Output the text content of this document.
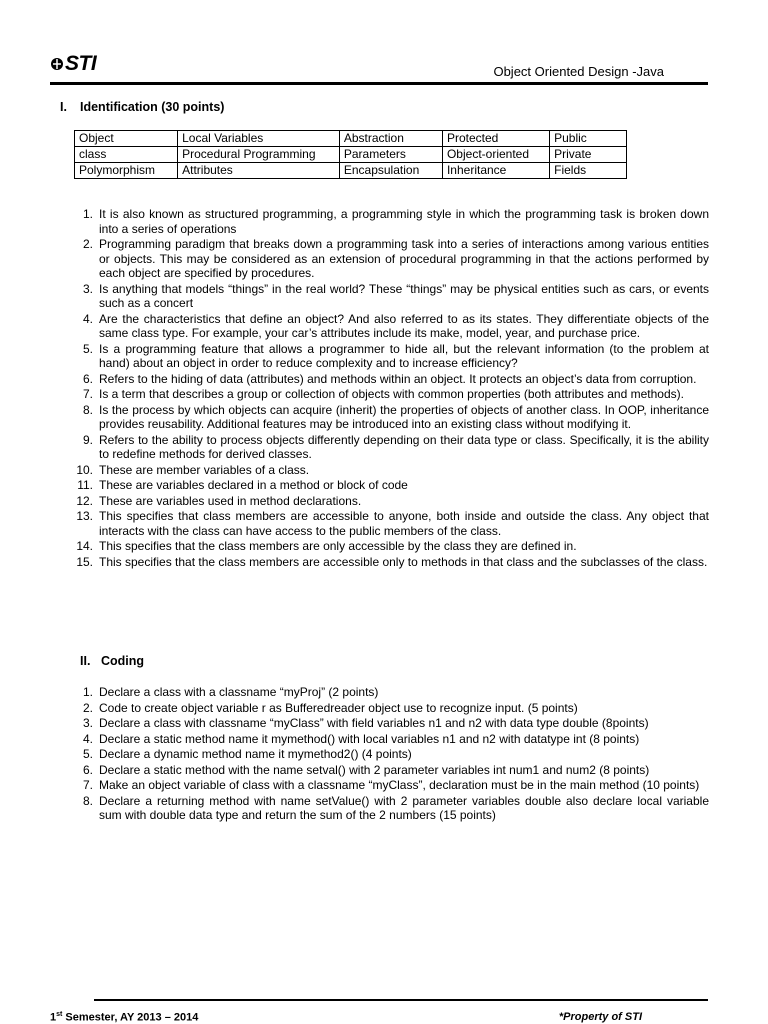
STI	Object Oriented Design -Java
I. Identification (30 points)
Object	Local Variables	Abstraction	Protected	Public
class	Procedural Programming	Parameters	Object-oriented	Private
Polymorphism	Attributes	Encapsulation	Inheritance	Fields
1. It is also known as structured programming, a programming style in which the programming task is broken down into a series of operations
2. Programming paradigm that breaks down a programming task into a series of interactions among various entities or objects. This may be considered as an extension of procedural programming in that the actions performed by each object are specified by procedures.
3. Is anything that models “things” in the real world? These “things” may be physical entities such as cars, or events such as a concert
4. Are the characteristics that define an object? And also referred to as its states. They differentiate objects of the same class type. For example, your car’s attributes include its make, model, year, and purchase price.
5. Is a programming feature that allows a programmer to hide all, but the relevant information (to the problem at hand) about an object in order to reduce complexity and to increase efficiency?
6. Refers to the hiding of data (attributes) and methods within an object. It protects an object’s data from corruption.
7. Is a term that describes a group or collection of objects with common properties (both attributes and methods).
8. Is the process by which objects can acquire (inherit) the properties of objects of another class. In OOP, inheritance provides reusability. Additional features may be introduced into an existing class without modifying it.
9. Refers to the ability to process objects differently depending on their data type or class. Specifically, it is the ability to redefine methods for derived classes.
10. These are member variables of a class.
11. These are variables declared in a method or block of code
12. These are variables used in method declarations.
13. This specifies that class members are accessible to anyone, both inside and outside the class. Any object that interacts with the class can have access to the public members of the class.
14. This specifies that the class members are only accessible by the class they are defined in.
15. This specifies that the class members are accessible only to methods in that class and the subclasses of the class.
II. Coding
1. Declare a class with a classname “myProj” (2 points)
2. Code to create object variable r as Bufferedreader object use to recognize input. (5 points)
3. Declare a class with classname “myClass” with field variables n1 and n2 with data type double (8points)
4. Declare a static method name it mymethod() with local variables n1 and n2 with datatype int (8 points)
5. Declare a dynamic method name it mymethod2() (4 points)
6. Declare a static method with the name setval() with 2 parameter variables int num1 and num2 (8 points)
7. Make an object variable of class with a classname “myClass”, declaration must be in the main method (10 points)
8. Declare a returning method with name setValue() with 2 parameter variables double also declare local variable sum with double data type and return the sum of the 2 numbers (15 points)
1st Semester, AY 2013 – 2014	*Property of STI
